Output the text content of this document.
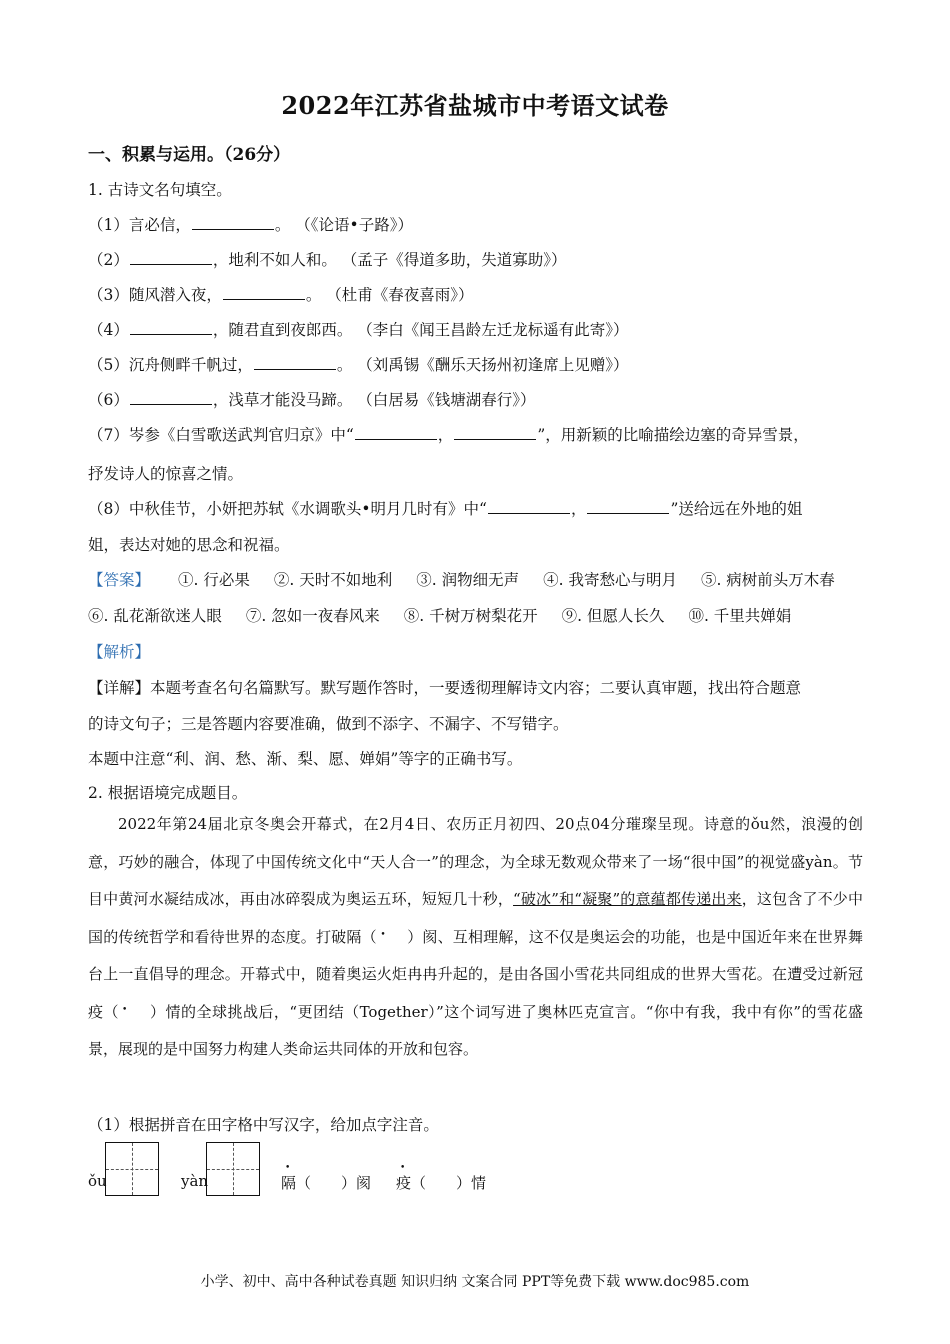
2022年江苏省盐城市中考语文试卷
一、积累与运用。（26分）
1. 古诗文名句填空。
（1）言必信，	。 （《论语•子路》）
（2）	，地利不如人和。 （孟子《得道多助，失道寡助》）
（3）随风潜入夜，	。 （杜甫《春夜喜雨》）
（4）	，随君直到夜郎西。 （李白《闻王昌龄左迁龙标遥有此寄》）
（5）沉舟侧畔千帆过，	。 （刘禹锡《酬乐天扬州初逢席上见赠》）
（6）	，浅草才能没马蹄。 （白居易《钱塘湖春行》）
（7）岑参《白雪歌送武判官归京》中“	，	”，用新颖的比喻描绘边塞的奇异雪景，
抒发诗人的惊喜之情。
（8）中秋佳节，小妍把苏轼《水调歌头•明月几时有》中“	，	”送给远在外地的姐
姐，表达对她的思念和祝福。
【答案】 ①. 行必果 ②. 天时不如地利 ③. 润物细无声 ④. 我寄愁心与明月 ⑤. 病树前头万木春
⑥. 乱花渐欲迷人眼 ⑦. 忽如一夜春风来 ⑧. 千树万树梨花开 ⑨. 但愿人长久 ⑩. 千里共婵娟
【解析】
【详解】本题考查名句名篇默写。默写题作答时，一要透彻理解诗文内容；二要认真审题，找出符合题意
的诗文句子；三是答题内容要准确，做到不添字、不漏字、不写错字。
本题中注意“利、润、愁、渐、梨、愿、婵娟”等字的正确书写。
2. 根据语境完成题目。

2022年第24届北京冬奥会开幕式，在2月4日、农历正月初四、20点04分璀璨呈现。诗意的ǒu然，浪漫的创意，巧妙的融合，体现了中国传统文化中“天人合一”的理念，为全球无数观众带来了一场“很中国”的视觉盛yàn。节目中黄河水凝结成冰，再由冰碎裂成为奥运五环，短短几十秒，“破冰”和“凝聚”的意蕴都传递出来，这包含了不少中国的传统哲学和看待世界的态度。打破• 隔（　　）阂、互相理解，这不仅是奥运会的功能，也是中国近年来在世界舞台上一直倡导的理念。开幕式中，随着奥运火炬冉冉升起的，是由各国小雪花共同组成的世界大雪花。在遭受过新冠• 疫（　　）情的全球挑战后，“更团结（Together）”这个词写进了奥林匹克宣言。“你中有我，我中有你”的雪花盛景，展现的是中国努力构建人类命运共同体的开放和包容。

（1）根据拼音在田字格中写汉字，给加点字注音。
ǒu	yàn	隔（　　）阂 疫（　　）情
小学、初中、高中各种试卷真题 知识归纳 文案合同 PPT等免费下载 www.doc985.com
